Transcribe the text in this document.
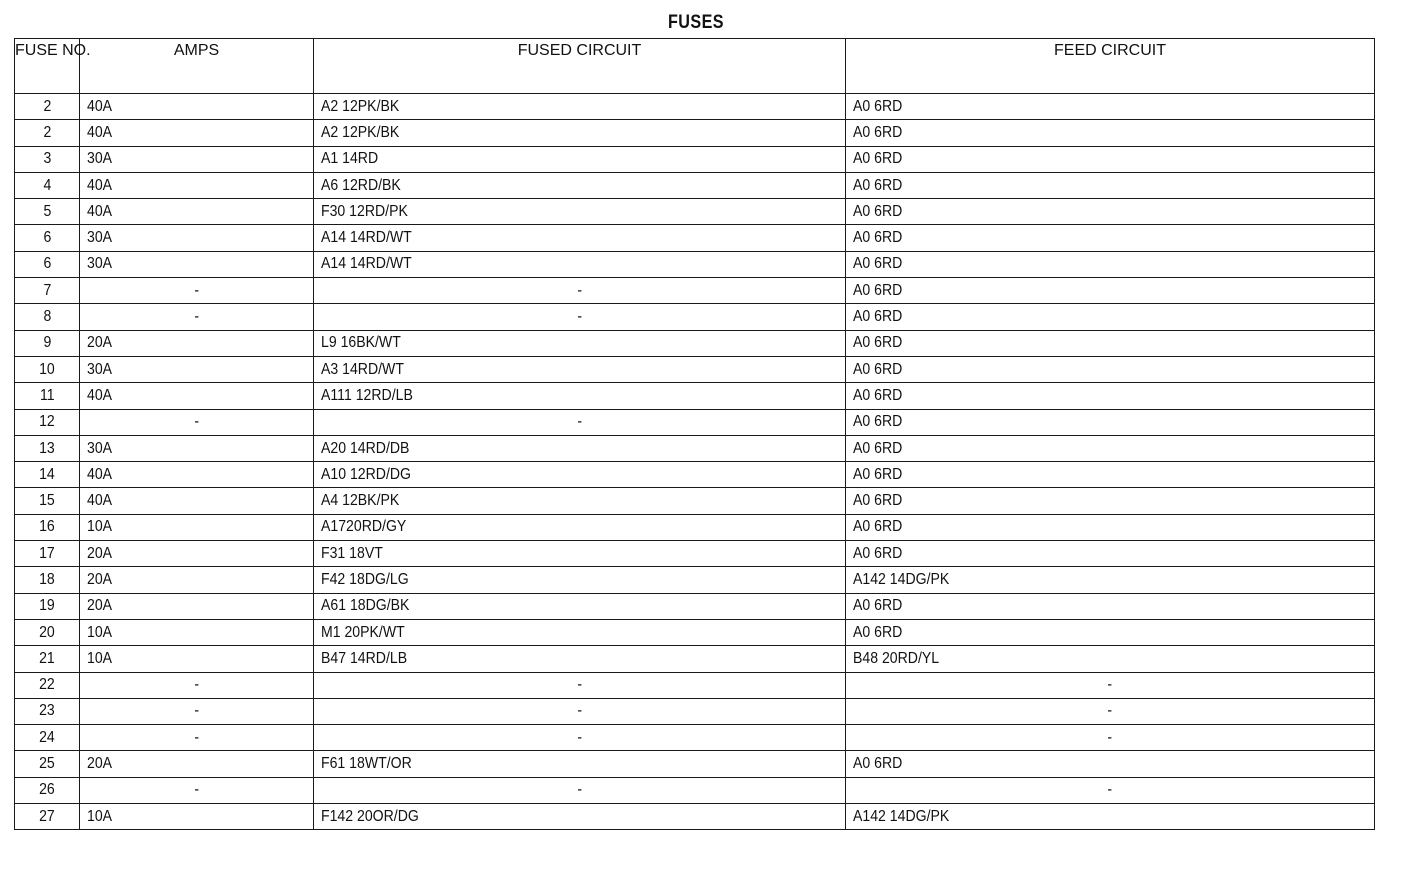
FUSES
FUSE NO.	AMPS	FUSED CIRCUIT	FEED CIRCUIT
2	40A	A2 12PK/BK	A0 6RD
2	40A	A2 12PK/BK	A0 6RD
3	30A	A1 14RD	A0 6RD
4	40A	A6 12RD/BK	A0 6RD
5	40A	F30 12RD/PK	A0 6RD
6	30A	A14 14RD/WT	A0 6RD
6	30A	A14 14RD/WT	A0 6RD
7	-	-	A0 6RD
8	-	-	A0 6RD
9	20A	L9 16BK/WT	A0 6RD
10	30A	A3 14RD/WT	A0 6RD
11	40A	A111 12RD/LB	A0 6RD
12	-	-	A0 6RD
13	30A	A20 14RD/DB	A0 6RD
14	40A	A10 12RD/DG	A0 6RD
15	40A	A4 12BK/PK	A0 6RD
16	10A	A1720RD/GY	A0 6RD
17	20A	F31 18VT	A0 6RD
18	20A	F42 18DG/LG	A142 14DG/PK
19	20A	A61 18DG/BK	A0 6RD
20	10A	M1 20PK/WT	A0 6RD
21	10A	B47 14RD/LB	B48 20RD/YL
22	-	-	-
23	-	-	-
24	-	-	-
25	20A	F61 18WT/OR	A0 6RD
26	-	-	-
27	10A	F142 20OR/DG	A142 14DG/PK
